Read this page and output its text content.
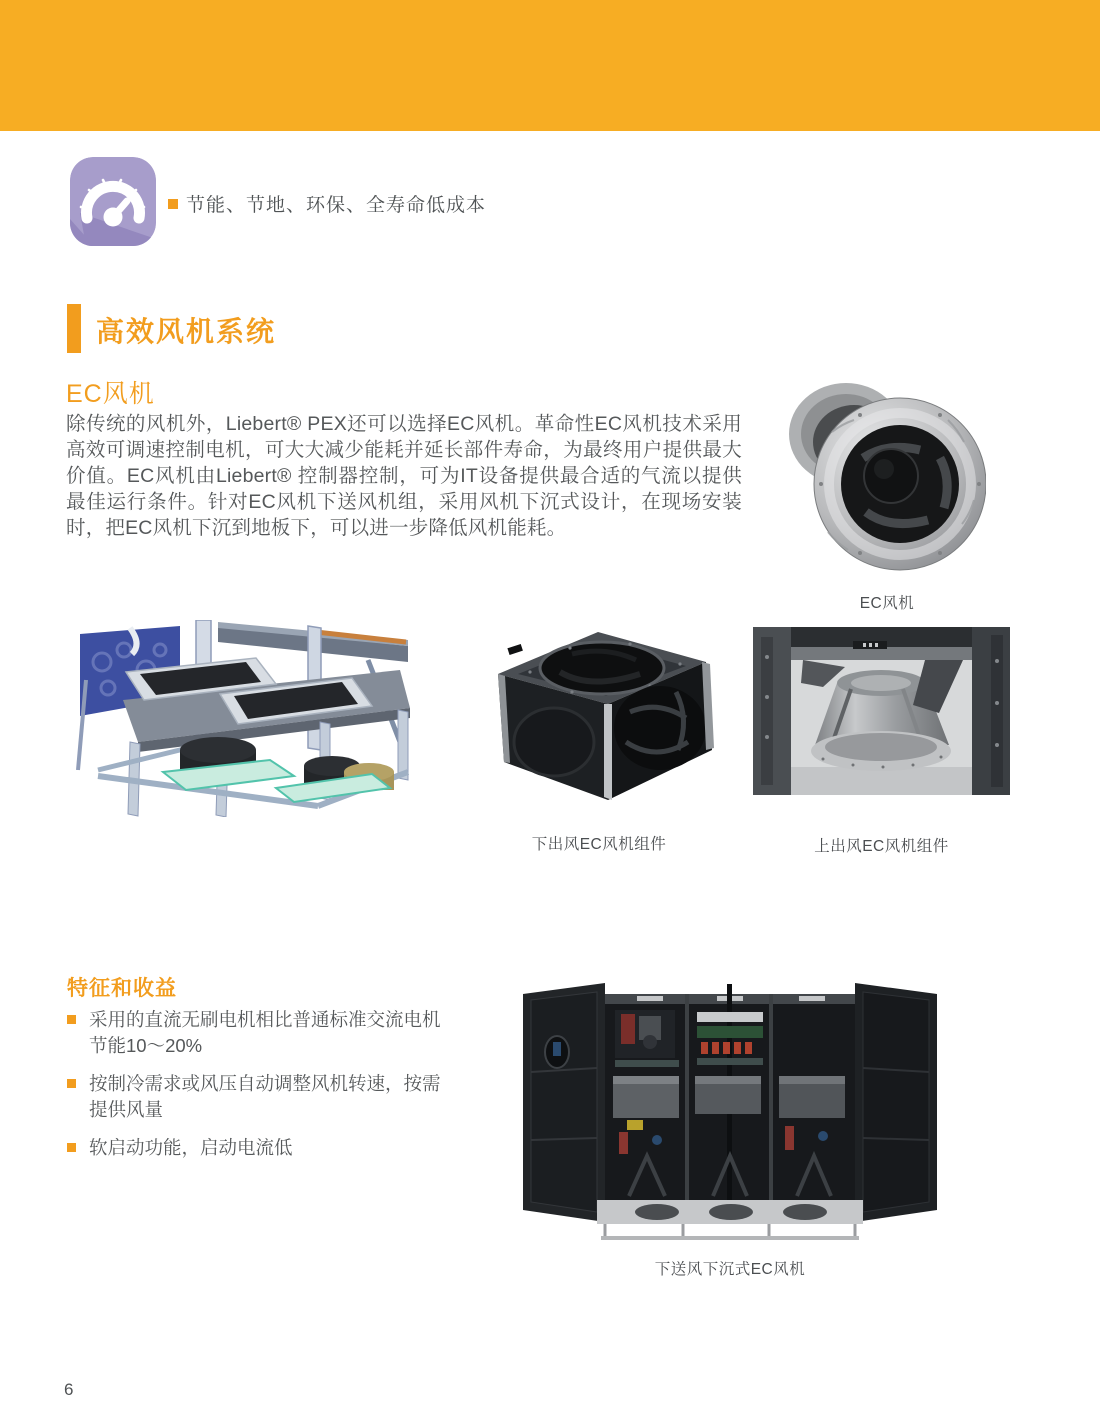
节能、节地、环保、全寿命低成本
高效风机系统
EC风机
除传统的风机外，Liebert® PEX还可以选择EC风机。革命性EC风机技术采用高效可调速控制电机，可大大减少能耗并延长部件寿命，为最终用户提供最大价值。EC风机由Liebert® 控制器控制，可为IT设备提供最合适的气流以提供最佳运行条件。针对EC风机下送风机组，采用风机下沉式设计，在现场安装时，把EC风机下沉到地板下，可以进一步降低风机能耗。
EC风机
下出风EC风机组件	上出风EC风机组件
特征和收益
采用的直流无刷电机相比普通标准交流电机节能10～20%
按制冷需求或风压自动调整风机转速，按需提供风量
软启动功能，启动电流低
下送风下沉式EC风机
6
